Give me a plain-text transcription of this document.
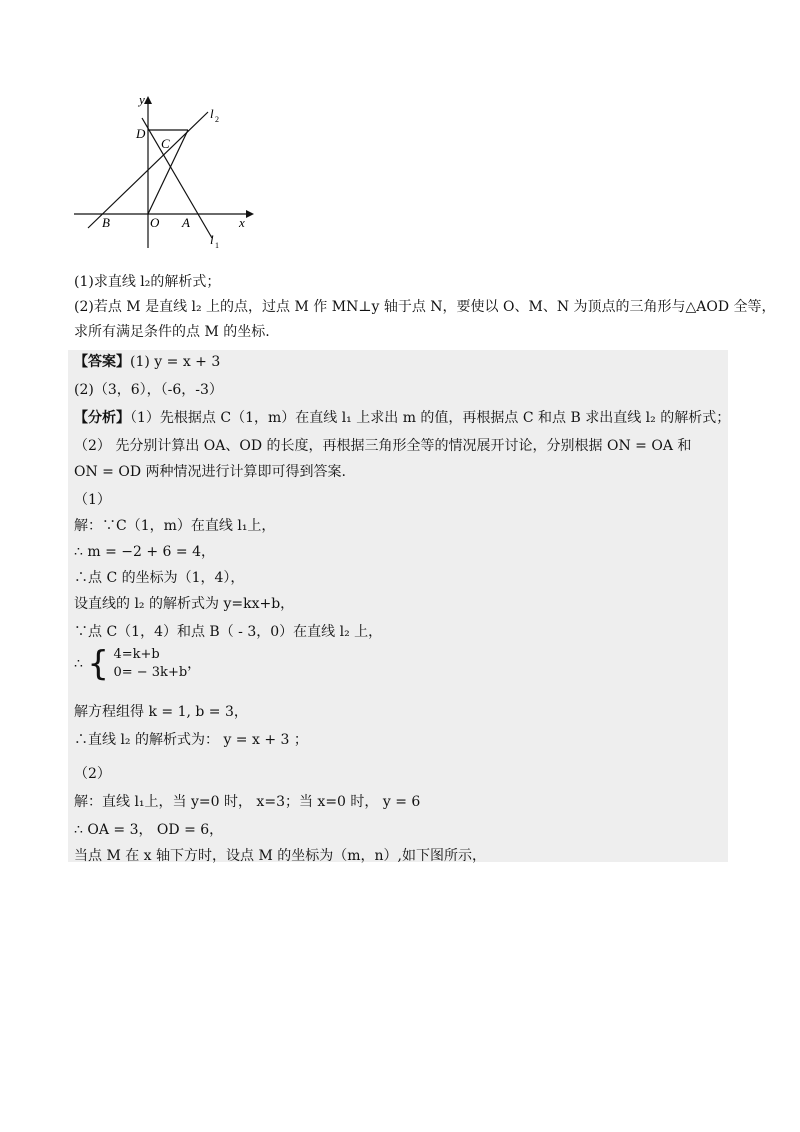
y
l 2
D
C
B	O A	x
l 1
(1)求直线 l₂的解析式；
(2)若点 M 是直线 l₂ 上的点，过点 M 作 MN⊥y 轴于点 N，要使以 O、M、N 为顶点的三角形与△AOD 全等，
求所有满足条件的点 M 的坐标.
【答案】(1) y = x + 3
(2)（3，6），（-6，-3）
【分析】（1）先根据点 C（1，m）在直线 l₁ 上求出 m 的值，再根据点 C 和点 B 求出直线 l₂ 的解析式；
（2） 先分别计算出 OA、OD 的长度，再根据三角形全等的情况展开讨论，分别根据 ON = OA 和
ON = OD 两种情况进行计算即可得到答案.
（1）
解：∵C（1，m）在直线 l₁上，
∴ m = −2 + 6 = 4，
∴点 C 的坐标为（1，4），
设直线的 l₂ 的解析式为 y=kx+b，
∵点 C（1，4）和点 B（ - 3，0）在直线 l₂ 上，
∴ { 4=k+b
0= − 3k+b
，
解方程组得 k = 1, b = 3，
∴直线 l₂ 的解析式为： y = x + 3 ；
（2）
解：直线 l₁上，当 y=0 时， x=3；当 x=0 时， y = 6
∴ OA = 3， OD = 6，
当点 M 在 x 轴下方时，设点 M 的坐标为（m，n）,如下图所示，
